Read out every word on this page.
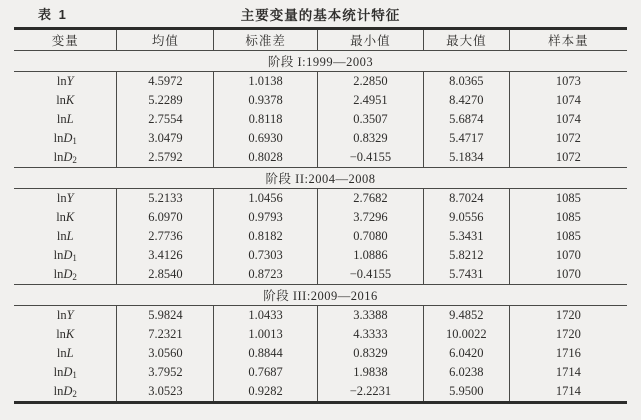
表 1	主要变量的基本统计特征
变量	均值	标准差	最小值	最大值	样本量
阶段 I:1999—2003					
lnY	4.5972	1.0138	2.2850	8.0365	1073
lnK	5.2289	0.9378	2.4951	8.4270	1074
lnL	2.7554	0.8118	0.3507	5.6874	1074
lnD$_1$	3.0479	0.6930	0.8329	5.4717	1072
lnD$_2$	2.5792	0.8028	−0.4155	5.1834	1072
阶段 II:2004—2008					
lnY	5.2133	1.0456	2.7682	8.7024	1085
lnK	6.0970	0.9793	3.7296	9.0556	1085
lnL	2.7736	0.8182	0.7080	5.3431	1085
lnD$_1$	3.4126	0.7303	1.0886	5.8212	1070
lnD$_2$	2.8540	0.8723	−0.4155	5.7431	1070
阶段 III:2009—2016					
lnY	5.9824	1.0433	3.3388	9.4852	1720
lnK	7.2321	1.0013	4.3333	10.0022	1720
lnL	3.0560	0.8844	0.8329	6.0420	1716
lnD$_1$	3.7952	0.7687	1.9838	6.0238	1714
lnD$_2$	3.0523	0.9282	−2.2231	5.9500	1714
